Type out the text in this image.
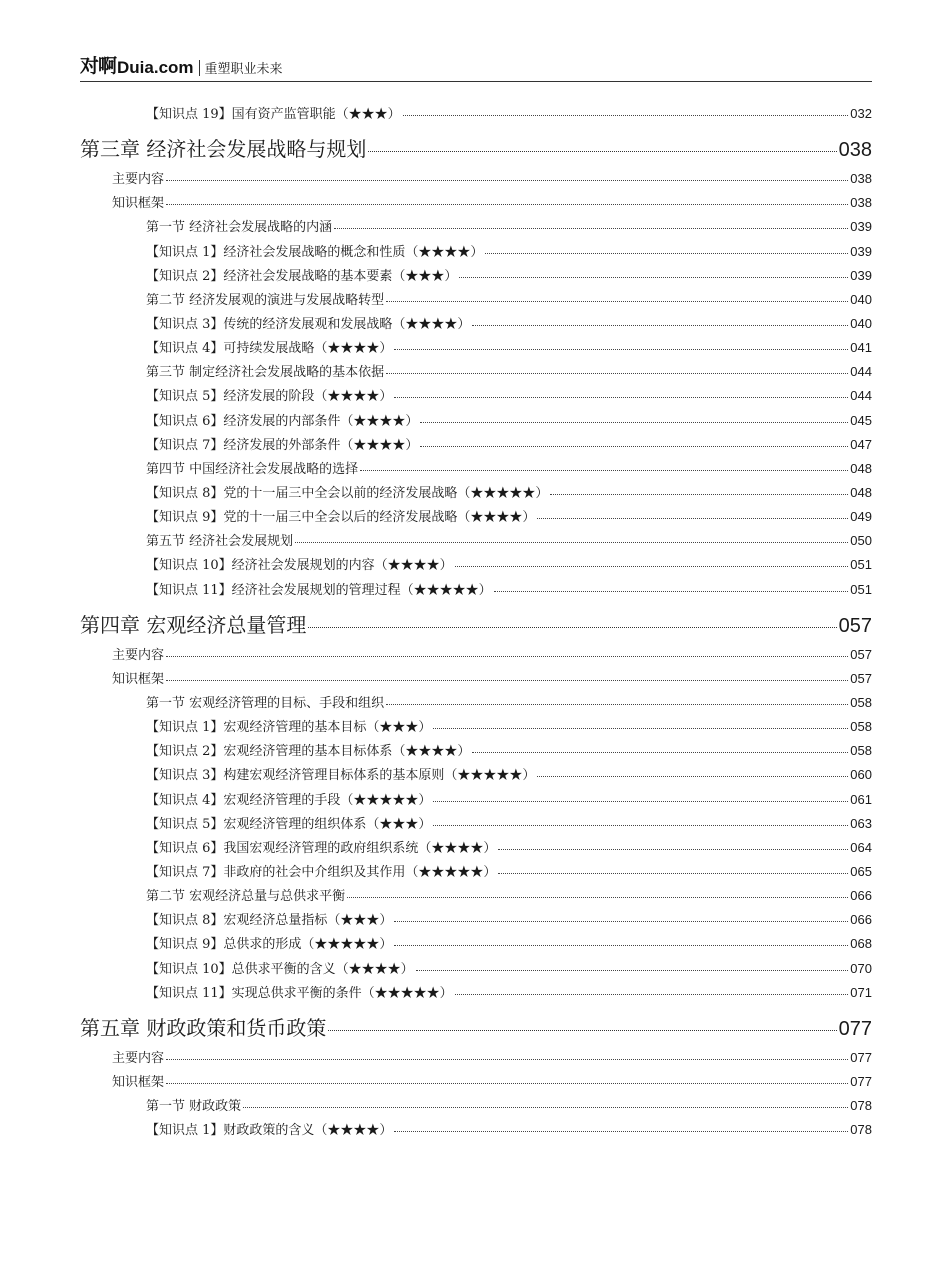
对啊 Duia.com 重塑职业未来
【知识点 19】国有资产监管职能（★★★）	032
第三章 经济社会发展战略与规划	038
主要内容	038
知识框架	038
第一节 经济社会发展战略的内涵	039
【知识点 1】经济社会发展战略的概念和性质（★★★★）	039
【知识点 2】经济社会发展战略的基本要素（★★★）	039
第二节 经济发展观的演进与发展战略转型	040
【知识点 3】传统的经济发展观和发展战略（★★★★）	040
【知识点 4】可持续发展战略（★★★★）	041
第三节 制定经济社会发展战略的基本依据	044
【知识点 5】经济发展的阶段（★★★★）	044
【知识点 6】经济发展的内部条件（★★★★）	045
【知识点 7】经济发展的外部条件（★★★★）	047
第四节 中国经济社会发展战略的选择	048
【知识点 8】党的十一届三中全会以前的经济发展战略（★★★★★）	048
【知识点 9】党的十一届三中全会以后的经济发展战略（★★★★）	049
第五节 经济社会发展规划	050
【知识点 10】经济社会发展规划的内容（★★★★）	051
【知识点 11】经济社会发展规划的管理过程（★★★★★）	051
第四章 宏观经济总量管理	057
主要内容	057
知识框架	057
第一节 宏观经济管理的目标、手段和组织	058
【知识点 1】宏观经济管理的基本目标（★★★）	058
【知识点 2】宏观经济管理的基本目标体系（★★★★）	058
【知识点 3】构建宏观经济管理目标体系的基本原则（★★★★★）	060
【知识点 4】宏观经济管理的手段（★★★★★）	061
【知识点 5】宏观经济管理的组织体系（★★★）	063
【知识点 6】我国宏观经济管理的政府组织系统（★★★★）	064
【知识点 7】非政府的社会中介组织及其作用（★★★★★）	065
第二节 宏观经济总量与总供求平衡	066
【知识点 8】宏观经济总量指标（★★★）	066
【知识点 9】总供求的形成（★★★★★）	068
【知识点 10】总供求平衡的含义（★★★★）	070
【知识点 11】实现总供求平衡的条件（★★★★★）	071
第五章 财政政策和货币政策	077
主要内容	077
知识框架	077
第一节 财政政策	078
【知识点 1】财政政策的含义（★★★★）	078
